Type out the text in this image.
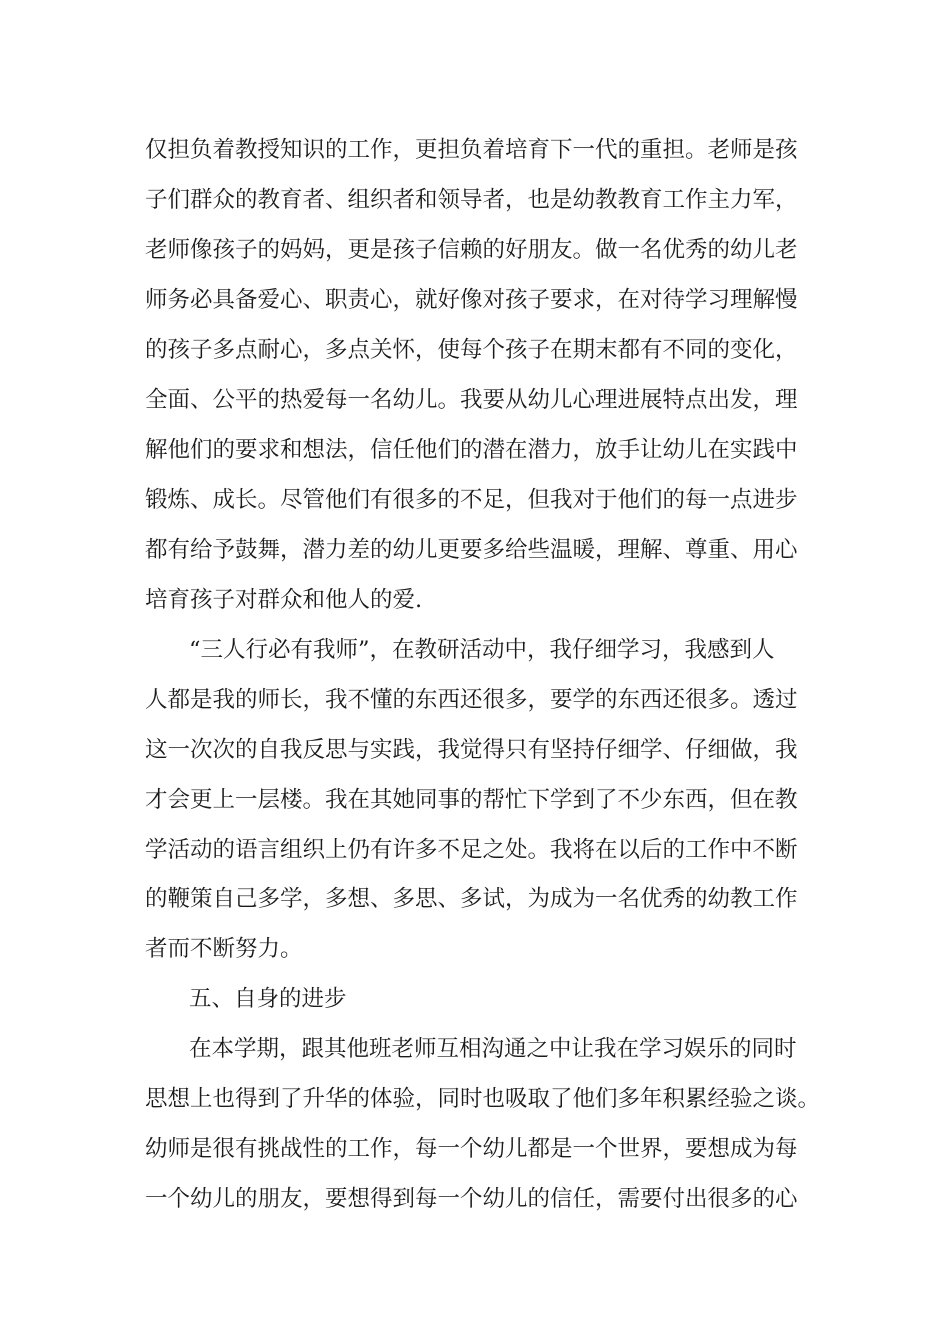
仅担负着教授知识的工作，更担负着培育下一代的重担。老师是孩

子们群众的教育者、组织者和领导者，也是幼教教育工作主力军，

老师像孩子的妈妈，更是孩子信赖的好朋友。做一名优秀的幼儿老

师务必具备爱心、职责心，就好像对孩子要求，在对待学习理解慢

的孩子多点耐心，多点关怀，使每个孩子在期末都有不同的变化，

全面、公平的热爱每一名幼儿。我要从幼儿心理进展特点出发，理

解他们的要求和想法，信任他们的潜在潜力，放手让幼儿在实践中

锻炼、成长。尽管他们有很多的不足，但我对于他们的每一点进步

都有给予鼓舞，潜力差的幼儿更要多给些温暖，理解、尊重、用心

培育孩子对群众和他人的爱.

“三人行必有我师”，在教研活动中，我仔细学习，我感到人

人都是我的师长，我不懂的东西还很多，要学的东西还很多。透过

这一次次的自我反思与实践，我觉得只有坚持仔细学、仔细做，我

才会更上一层楼。我在其她同事的帮忙下学到了不少东西，但在教

学活动的语言组织上仍有许多不足之处。我将在以后的工作中不断

的鞭策自己多学，多想、多思、多试，为成为一名优秀的幼教工作

者而不断努力。

五、自身的进步

在本学期，跟其他班老师互相沟通之中让我在学习娱乐的同时

思想上也得到了升华的体验，同时也吸取了他们多年积累经验之谈。

幼师是很有挑战性的工作，每一个幼儿都是一个世界，要想成为每

一个幼儿的朋友，要想得到每一个幼儿的信任，需要付出很多的心
